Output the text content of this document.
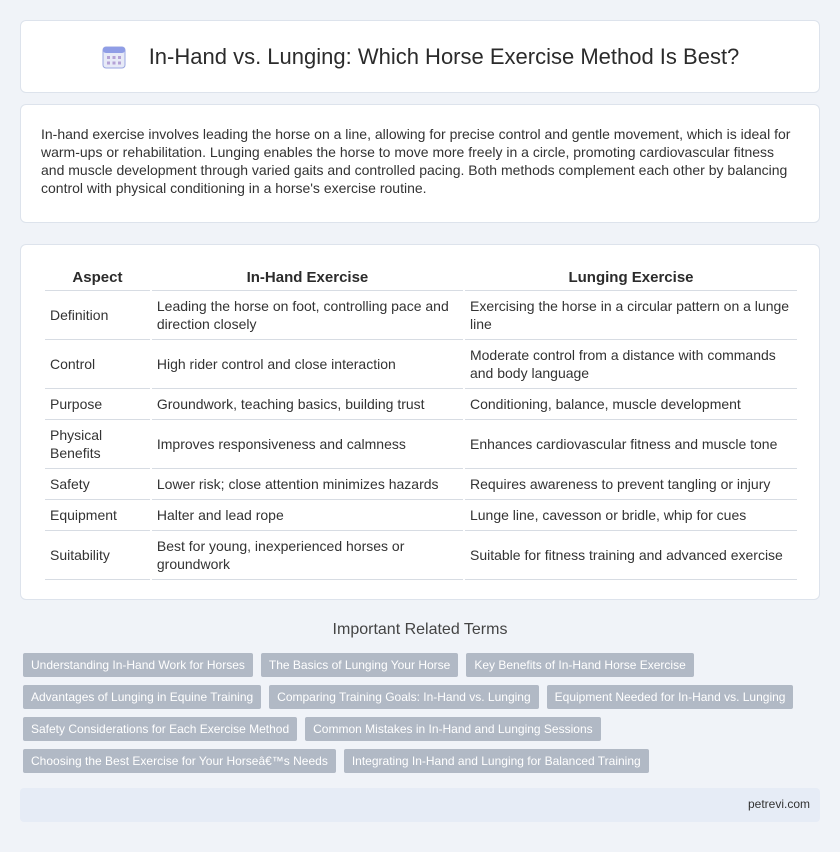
In-Hand vs. Lunging: Which Horse Exercise Method Is Best?

In-hand exercise involves leading the horse on a line, allowing for precise control and gentle movement, which is ideal for warm-ups or rehabilitation. Lunging enables the horse to move more freely in a circle, promoting cardiovascular fitness and muscle development through varied gaits and controlled pacing. Both methods complement each other by balancing control with physical conditioning in a horse's exercise routine.

Aspect	In-Hand Exercise	Lunging Exercise
Definition	Leading the horse on foot, controlling pace and direction closely	Exercising the horse in a circular pattern on a lunge line
Control	High rider control and close interaction	Moderate control from a distance with commands and body language
Purpose	Groundwork, teaching basics, building trust	Conditioning, balance, muscle development
Physical Benefits	Improves responsiveness and calmness	Enhances cardiovascular fitness and muscle tone
Safety	Lower risk; close attention minimizes hazards	Requires awareness to prevent tangling or injury
Equipment	Halter and lead rope	Lunge line, cavesson or bridle, whip for cues
Suitability	Best for young, inexperienced horses or groundwork	Suitable for fitness training and advanced exercise
Important Related Terms
Understanding In-Hand Work for Horses	The Basics of Lunging Your Horse	Key Benefits of In-Hand Horse Exercise
Advantages of Lunging in Equine Training	Comparing Training Goals: In-Hand vs. Lunging	Equipment Needed for In-Hand vs. Lunging
Safety Considerations for Each Exercise Method	Common Mistakes in In-Hand and Lunging Sessions
Choosing the Best Exercise for Your Horseâ€™s Needs	Integrating In-Hand and Lunging for Balanced Training
petrevi.com
